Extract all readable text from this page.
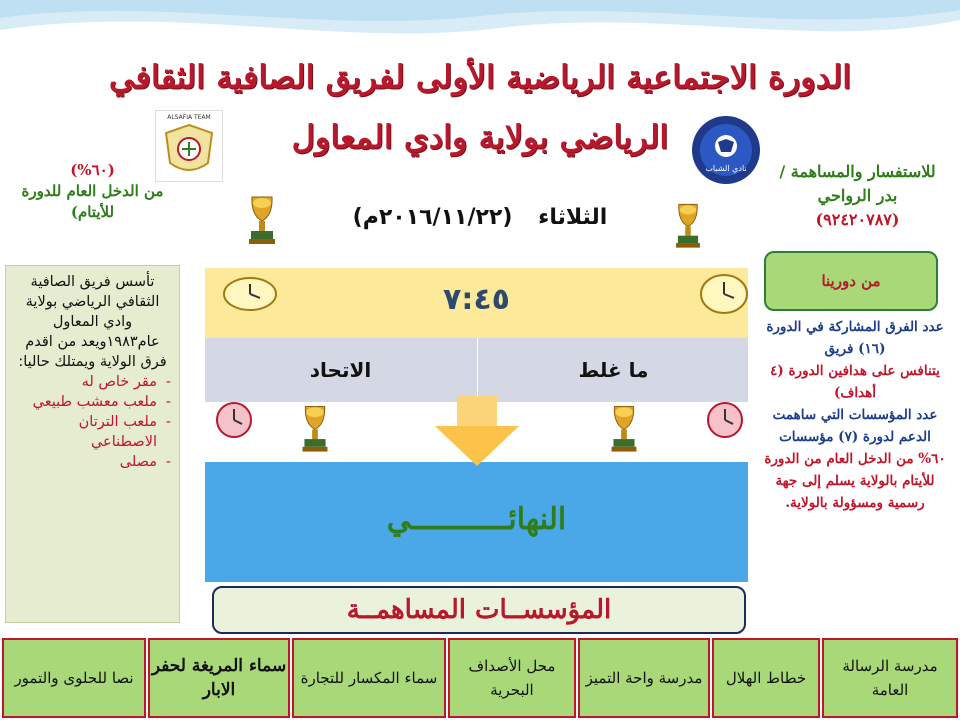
الدورة الاجتماعية الرياضية الأولى لفريق الصافية الثقافي
الرياضي بولاية وادي المعاول
ALSAFIA TEAM
نادي الشباب
(٦٠%)
من الدخل العام للدورة للأيتام)
للاستفسار والمساهمة /
بدر الرواحي
(٩٢٤٢٠٧٨٧)
الثلاثاء (٢٠١٦/١١/٢٢م)
تأسس فريق الصافية الثقافي الرياضي بولاية وادي المعاول عام١٩٨٣ويعد من اقدم فرق الولاية ويمتلك حاليا:
- مقر خاص له
- ملعب معشب طبيعي
- ملعب الترتان الاصطناعي
- مصلى
٧:٤٥
الاتحاد	ما غلط
النهائـــــــــــي
المؤسســات المساهمــة
من دورينا
عدد الفرق المشاركة في الدورة (١٦) فريق
يتنافس على هدافين الدورة (٤ أهداف)
عدد المؤسسات التي ساهمت الدعم لدورة (٧) مؤسسات
٦٠% من الدخل العام من الدورة للأيتام بالولاية يسلم إلى جهة رسمية ومسؤولة بالولاية.
مدرسة الرسالة العامة
خطاط الهلال
مدرسة واحة التميز
محل الأصداف البحرية
سماء المكسار للتجارة
سماء المريغة لحفر الابار
نصا للحلوى والتمور
